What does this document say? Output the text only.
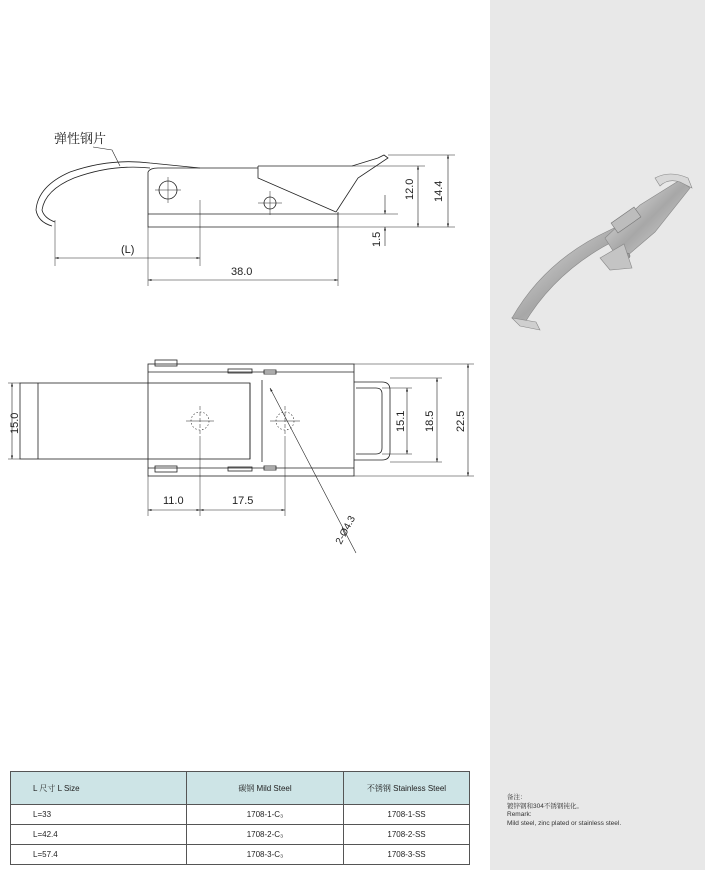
弹性钢片
(L)
38.0
12.0 14.4
1.5
15.0
11.0	17.5
2-Ø4.3
15.1 18.5 22.5
L 尺寸 L Size	碳钢 Mild Steel	不锈钢 Stainless Steel
L=33	1708-1-C₃	1708-1-SS
L=42.4	1708-2-C₃	1708-2-SS
L=57.4	1708-3-C₃	1708-3-SS
备注：
镀锌钢和304不锈钢钝化。
Remark:
Mild steel, zinc plated or stainless steel.
